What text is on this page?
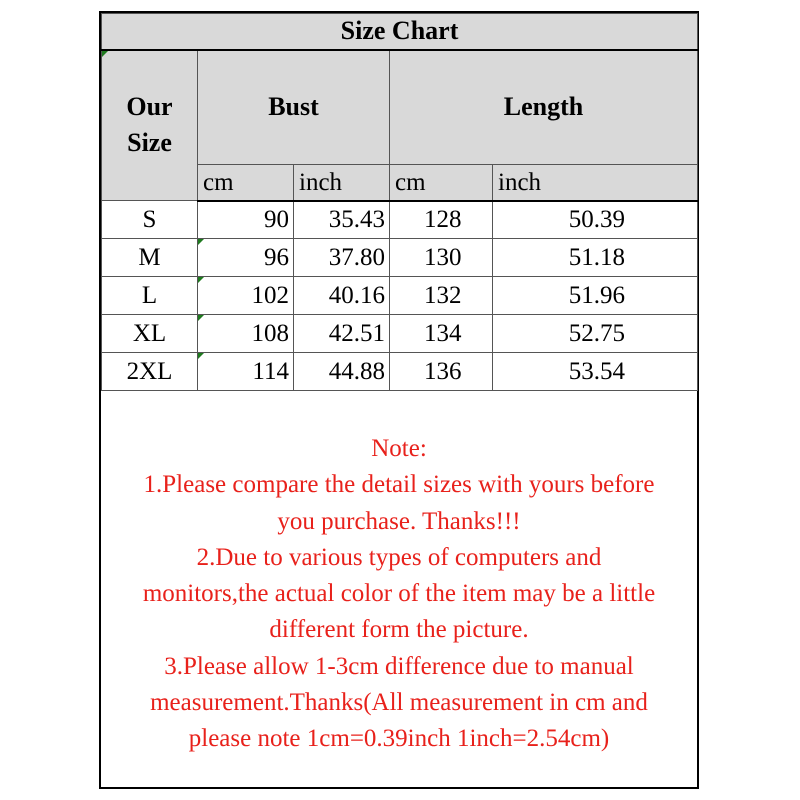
Size Chart				

Our
Size	Bust		Length	
	cm	inch	cm	inch
S	90	35.43	128	50.39
M	96	37.80	130	51.18
L	102	40.16	132	51.96
XL	108	42.51	134	52.75
2XL	114	44.88	136	53.54
Note:
1.Please compare the detail sizes with yours before
you purchase. Thanks!!!
2.Due to various types of computers and
monitors,the actual color of the item may be a little
different form the picture.
3.Please allow 1-3cm difference due to manual
measurement.Thanks(All measurement in cm and
please note 1cm=0.39inch 1inch=2.54cm)
